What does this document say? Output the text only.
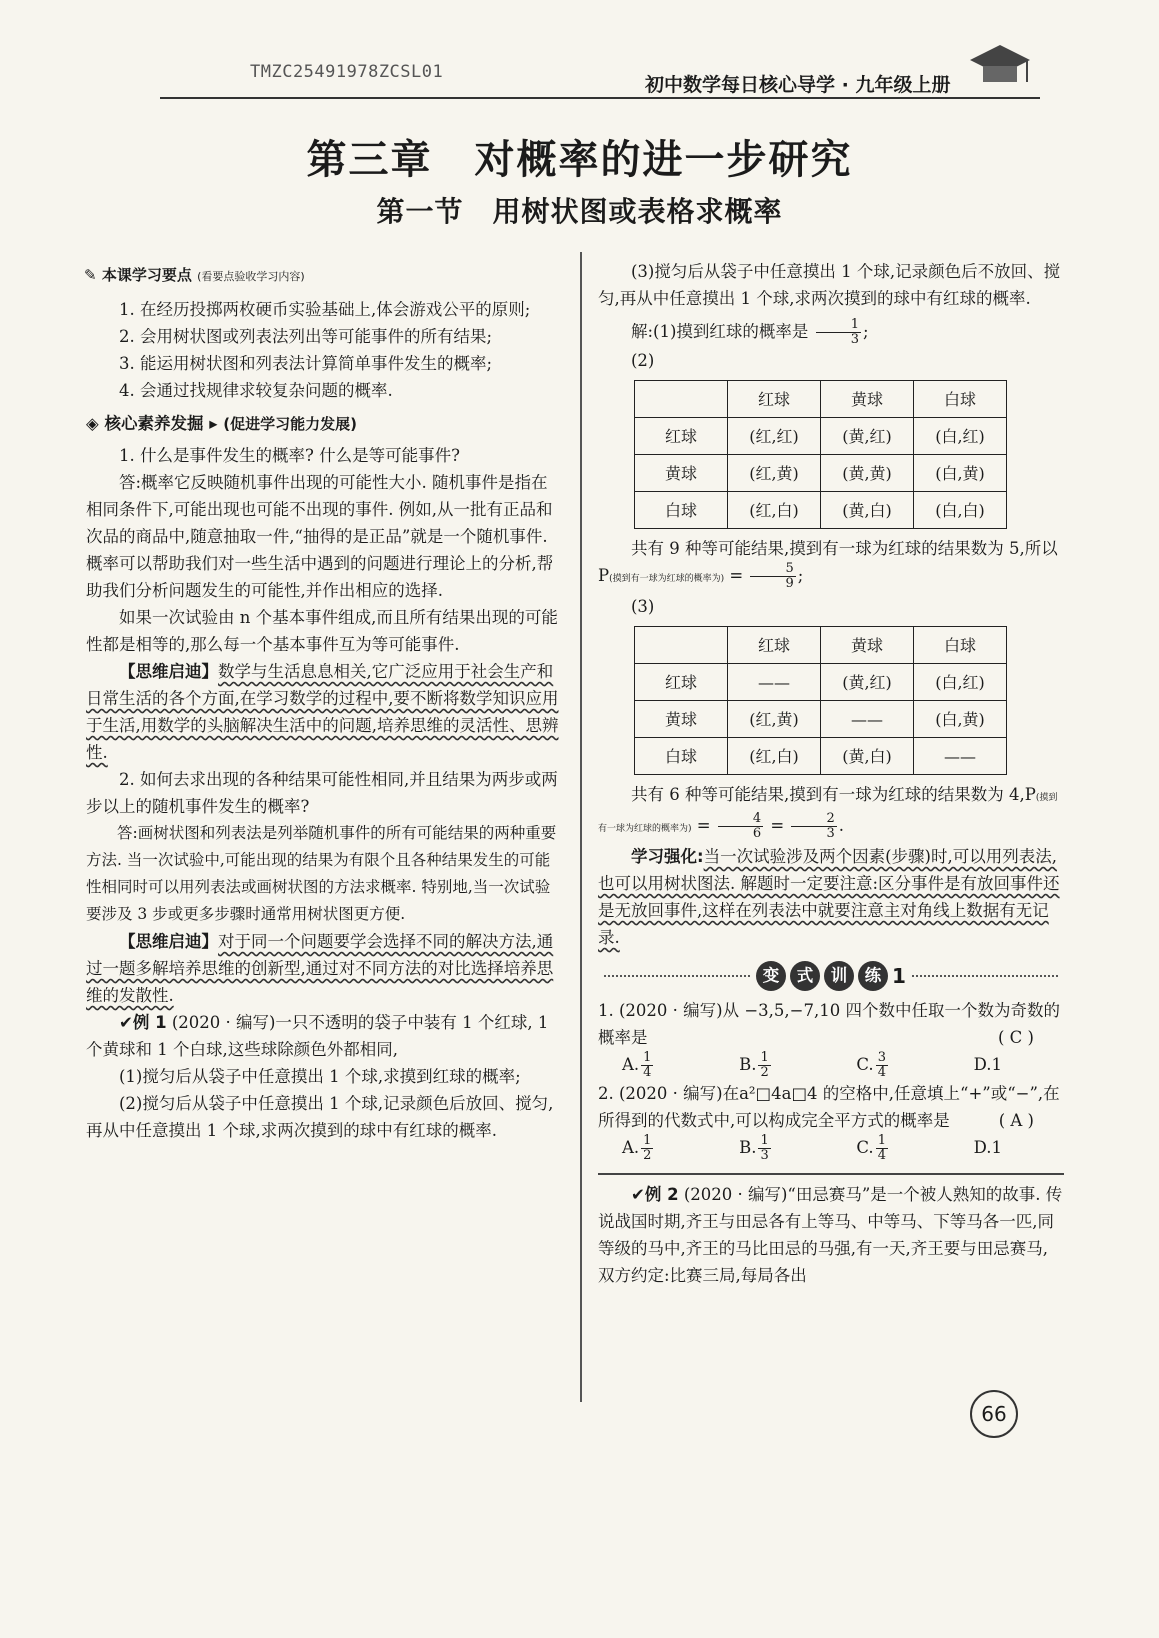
TMZC25491978ZCSL01
初中数学每日核心导学 · 九年级上册
第三章　对概率的进一步研究
第一节　用树状图或表格求概率

✎ 本课学习要点 (看要点验收学习内容)

1. 在经历投掷两枚硬币实验基础上,体会游戏公平的原则;

2. 会用树状图或列表法列出等可能事件的所有结果;

3. 能运用树状图和列表法计算简单事件发生的概率;

4. 会通过找规律求较复杂问题的概率.

◈ 核心素养发掘 ▸ (促进学习能力发展)

1. 什么是事件发生的概率? 什么是等可能事件?

答:概率它反映随机事件出现的可能性大小. 随机事件是指在相同条件下,可能出现也可能不出现的事件. 例如,从一批有正品和次品的商品中,随意抽取一件,“抽得的是正品”就是一个随机事件. 概率可以帮助我们对一些生活中遇到的问题进行理论上的分析,帮助我们分析问题发生的可能性,并作出相应的选择.

如果一次试验由 n 个基本事件组成,而且所有结果出现的可能性都是相等的,那么每一个基本事件互为等可能事件.

【思维启迪】数学与生活息息相关,它广泛应用于社会生产和日常生活的各个方面,在学习数学的过程中,要不断将数学知识应用于生活,用数学的头脑解决生活中的问题,培养思维的灵活性、思辨性.

2. 如何去求出现的各种结果可能性相同,并且结果为两步或两步以上的随机事件发生的概率?

答:画树状图和列表法是列举随机事件的所有可能结果的两种重要方法. 当一次试验中,可能出现的结果为有限个且各种结果发生的可能性相同时可以用列表法或画树状图的方法求概率. 特别地,当一次试验要涉及 3 步或更多步骤时通常用树状图更方便.

【思维启迪】对于同一个问题要学会选择不同的解决方法,通过一题多解培养思维的创新型,通过对不同方法的对比选择培养思维的发散性.

✔例 1 (2020 · 编写)一只不透明的袋子中装有 1 个红球, 1 个黄球和 1 个白球,这些球除颜色外都相同,

(1)搅匀后从袋子中任意摸出 1 个球,求摸到红球的概率;

(2)搅匀后从袋子中任意摸出 1 个球,记录颜色后放回、搅匀,再从中任意摸出 1 个球,求两次摸到的球中有红球的概率.

(3)搅匀后从袋子中任意摸出 1 个球,记录颜色后不放回、搅匀,再从中任意摸出 1 个球,求两次摸到的球中有红球的概率.

解:(1)摸到红球的概率是 $\frac{1}{3}$ ;

(2)

	红球	黄球	白球
红球	(红,红)	(黄,红)	(白,红)
黄球	(红,黄)	(黄,黄)	(白,黄)
白球	(红,白)	(黄,白)	(白,白)

共有 9 种等可能结果,摸到有一球为红球的结果数为 5,所以 P(摸到有一球为红球的概率为) = $\frac{5}{9}$ ;

(3)

	红球	黄球	白球
红球	——	(黄,红)	(白,红)
黄球	(红,黄)	——	(白,黄)
白球	(红,白)	(黄,白)	——

共有 6 种等可能结果,摸到有一球为红球的结果数为 4,P(摸到有一球为红球的概率为) = $\frac{4}{6} = \frac{2}{3}$ .

学习强化:当一次试验涉及两个因素(步骤)时,可以用列表法,也可以用树状图法. 解题时一定要注意:区分事件是有放回事件还是无放回事件,这样在列表法中就要注意主对角线上数据有无记录.

变	式	训	练 1

1. (2020 · 编写)从 −3,5,−7,10 四个数中任取一个数为奇数的概率是	( C )

A. $\frac{1}{4}$	B. $\frac{1}{2}$	C. $\frac{3}{4}$	D.1

2. (2020 · 编写)在a²□4a□4 的空格中,任意填上“+”或“−”,在所得到的代数式中,可以构成完全平方式的概率是	( A )

A. $\frac{1}{2}$	B. $\frac{1}{3}$	C. $\frac{1}{4}$	D.1

✔例 2 (2020 · 编写)“田忌赛马”是一个被人熟知的故事. 传说战国时期,齐王与田忌各有上等马、中等马、下等马各一匹,同等级的马中,齐王的马比田忌的马强,有一天,齐王要与田忌赛马,双方约定:比赛三局,每局各出

66
